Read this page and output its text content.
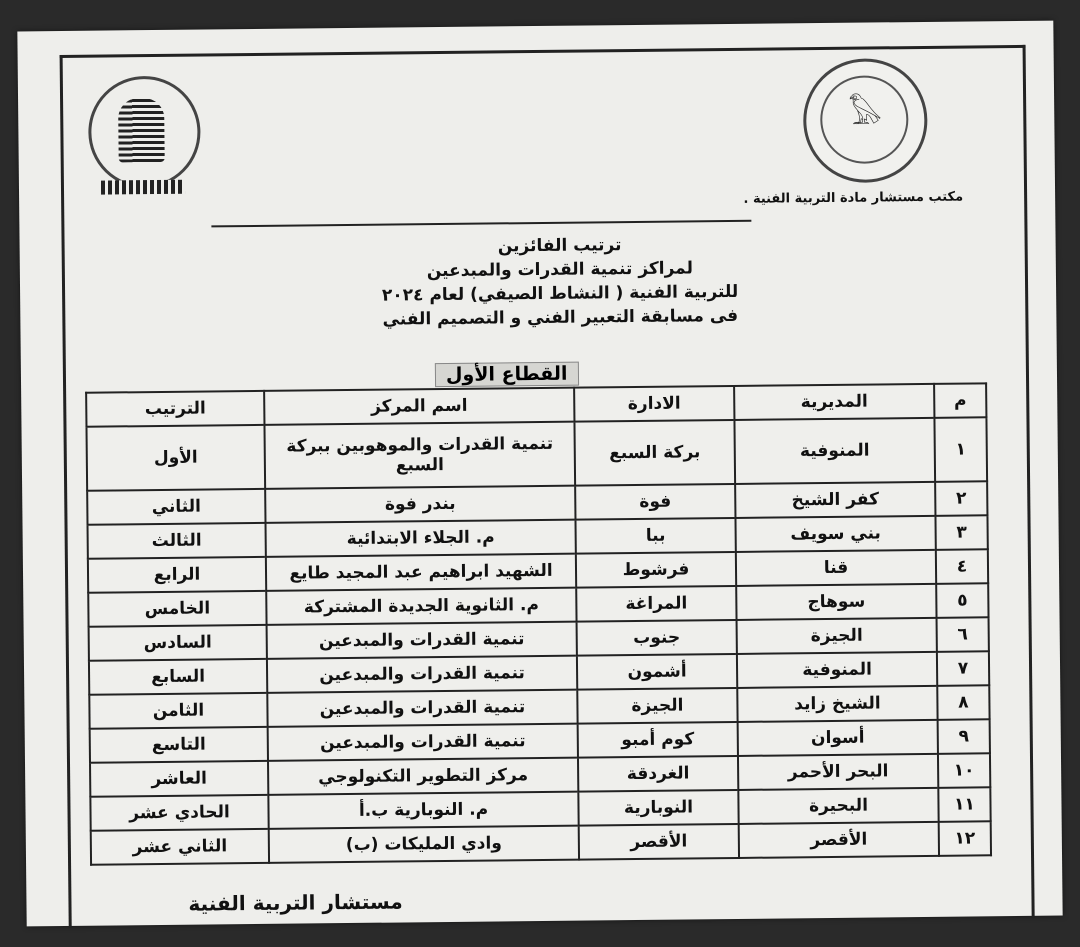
𓅃
مكتب مستشار مادة التربية الفنية .
ترتيب الفائزين
لمراكز تنمية القدرات والمبدعين
للتربية الفنية ( النشاط الصيفي) لعام ٢٠٢٤
فى مسابقة التعبير الفني و التصميم الفني
القطاع الأول
م	المديرية	الادارة	اسم المركز	الترتيب
١	المنوفية	بركة السبع	تنمية القدرات والموهوبين ببركة السبع	الأول
٢	كفر الشيخ	فوة	بندر فوة	الثاني
٣	بني سويف	ببا	م. الجلاء الابتدائية	الثالث
٤	قنا	فرشوط	الشهيد ابراهيم عبد المجيد طايع	الرابع
٥	سوهاج	المراغة	م. الثانوية الجديدة المشتركة	الخامس
٦	الجيزة	جنوب	تنمية القدرات والمبدعين	السادس
٧	المنوفية	أشمون	تنمية القدرات والمبدعين	السابع
٨	الشيخ زايد	الجيزة	تنمية القدرات والمبدعين	الثامن
٩	أسوان	كوم أمبو	تنمية القدرات والمبدعين	التاسع
١٠	البحر الأحمر	الغردقة	مركز التطوير التكنولوجي	العاشر
١١	البحيرة	النوبارية	م. النوبارية ب.أ	الحادي عشر
١٢	الأقصر	الأقصر	وادي المليكات (ب)	الثاني عشر
مستشار التربية الفنية
